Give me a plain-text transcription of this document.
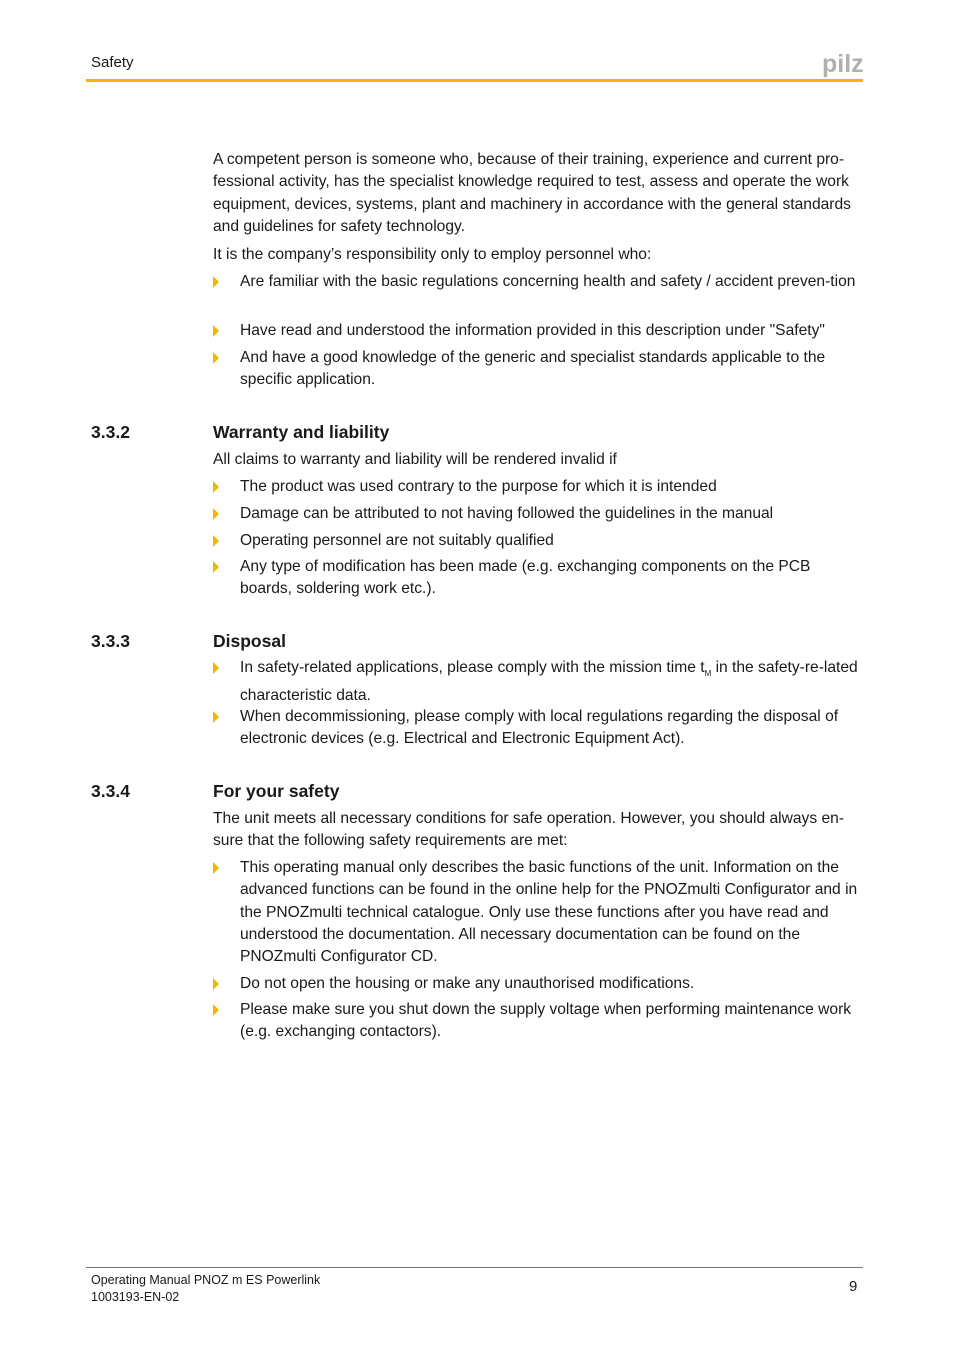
Safety	pilz

A competent person is someone who, because of their training, experience and current pro-fessional activity, has the specialist knowledge required to test, assess and operate the work equipment, devices, systems, plant and machinery in accordance with the general standards and guidelines for safety technology.

It is the company’s responsibility only to employ personnel who:

Are familiar with the basic regulations concerning health and safety / accident preven-tion
Have read and understood the information provided in this description under "Safety"
And have a good knowledge of the generic and specialist standards applicable to the specific application.
3.3.2	Warranty and liability

All claims to warranty and liability will be rendered invalid if

The product was used contrary to the purpose for which it is intended
Damage can be attributed to not having followed the guidelines in the manual
Operating personnel are not suitably qualified
Any type of modification has been made (e.g. exchanging components on the PCB boards, soldering work etc.).
3.3.3	Disposal
In safety-related applications, please comply with the mission time $t_M$ in the safety-re-lated characteristic data.
When decommissioning, please comply with local regulations regarding the disposal of electronic devices (e.g. Electrical and Electronic Equipment Act).
3.3.4	For your safety

The unit meets all necessary conditions for safe operation. However, you should always en-sure that the following safety requirements are met:

This operating manual only describes the basic functions of the unit. Information on the advanced functions can be found in the online help for the PNOZmulti Configurator and in the PNOZmulti technical catalogue. Only use these functions after you have read and understood the documentation. All necessary documentation can be found on the PNOZmulti Configurator CD.
Do not open the housing or make any unauthorised modifications.
Please make sure you shut down the supply voltage when performing maintenance work (e.g. exchanging contactors).
Operating Manual PNOZ m ES Powerlink
1003193-EN-02
9
